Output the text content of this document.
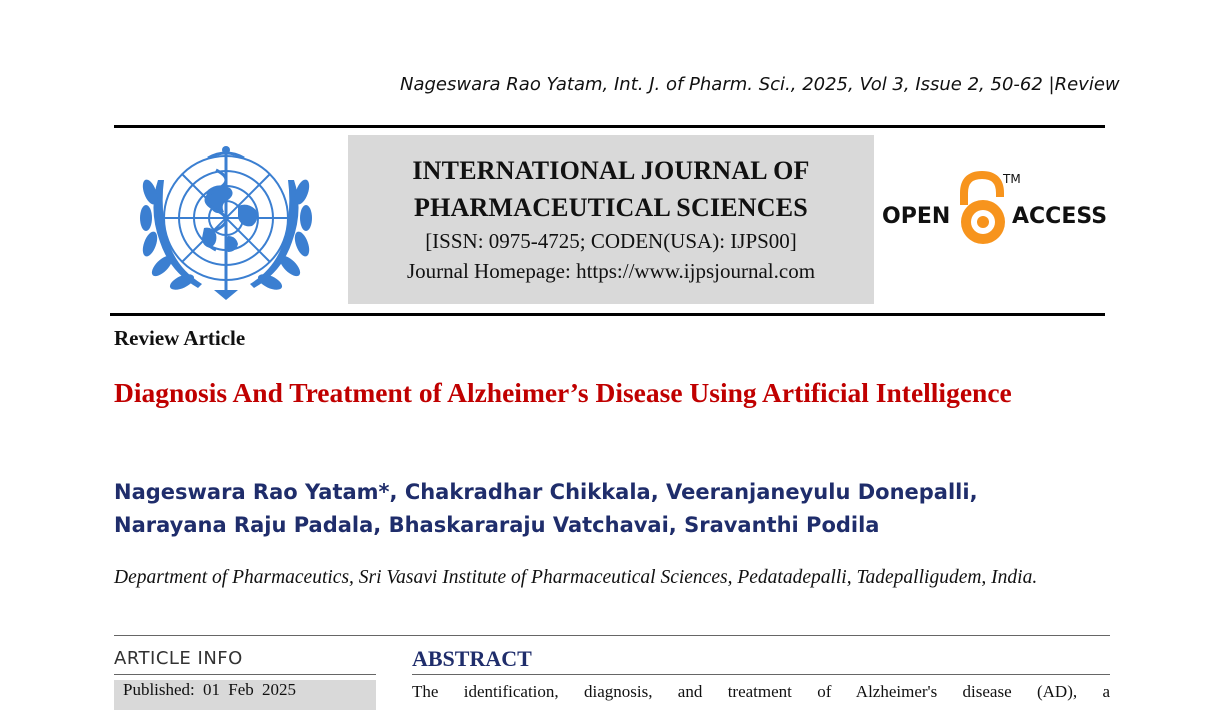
Nageswara Rao Yatam, Int. J. of Pharm. Sci., 2025, Vol 3, Issue 2, 50-62 |Review
INTERNATIONAL JOURNAL OF
PHARMACEUTICAL SCIENCES
[ISSN: 0975-4725; CODEN(USA): IJPS00]
Journal Homepage: https://www.ijpsjournal.com
OPEN	ACCESS
TM
Review Article
Diagnosis And Treatment of Alzheimer’s Disease Using Artificial Intelligence
Nageswara Rao Yatam*, Chakradhar Chikkala, Veeranjaneyulu Donepalli,
Narayana Raju Padala, Bhaskararaju Vatchavai, Sravanthi Podila
Department of Pharmaceutics, Sri Vasavi Institute of Pharmaceutical Sciences, Pedatadepalli, Tadepalligudem, India.
ARTICLE INFO
Published: 01 Feb 2025
ABSTRACT
The identification, diagnosis, and treatment of Alzheimer's disease (AD), a
